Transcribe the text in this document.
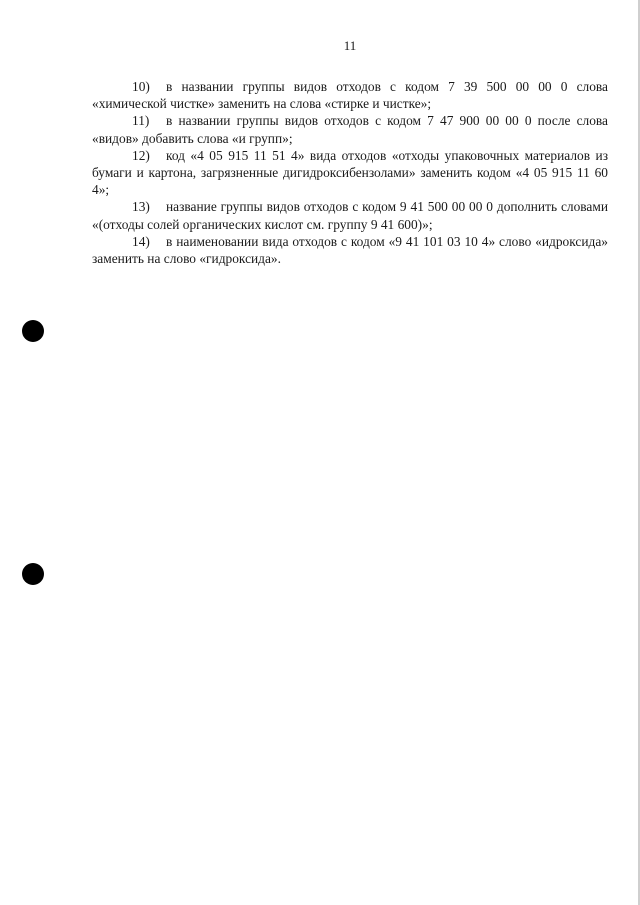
11

10) в названии группы видов отходов с кодом 7 39 500 00 00 0 слова «химической чистке» заменить на слова «стирке и чистке»;

11) в названии группы видов отходов с кодом 7 47 900 00 00 0 после слова «видов» добавить слова «и групп»;

12) код «4 05 915 11 51 4» вида отходов «отходы упаковочных материалов из бумаги и картона, загрязненные дигидроксибензолами» заменить кодом «4 05 915 11 60 4»;

13) название группы видов отходов с кодом 9 41 500 00 00 0 дополнить словами «(отходы солей органических кислот см. группу 9 41 600)»;

14) в наименовании вида отходов с кодом «9 41 101 03 10 4» слово «идроксида» заменить на слово «гидроксида».
